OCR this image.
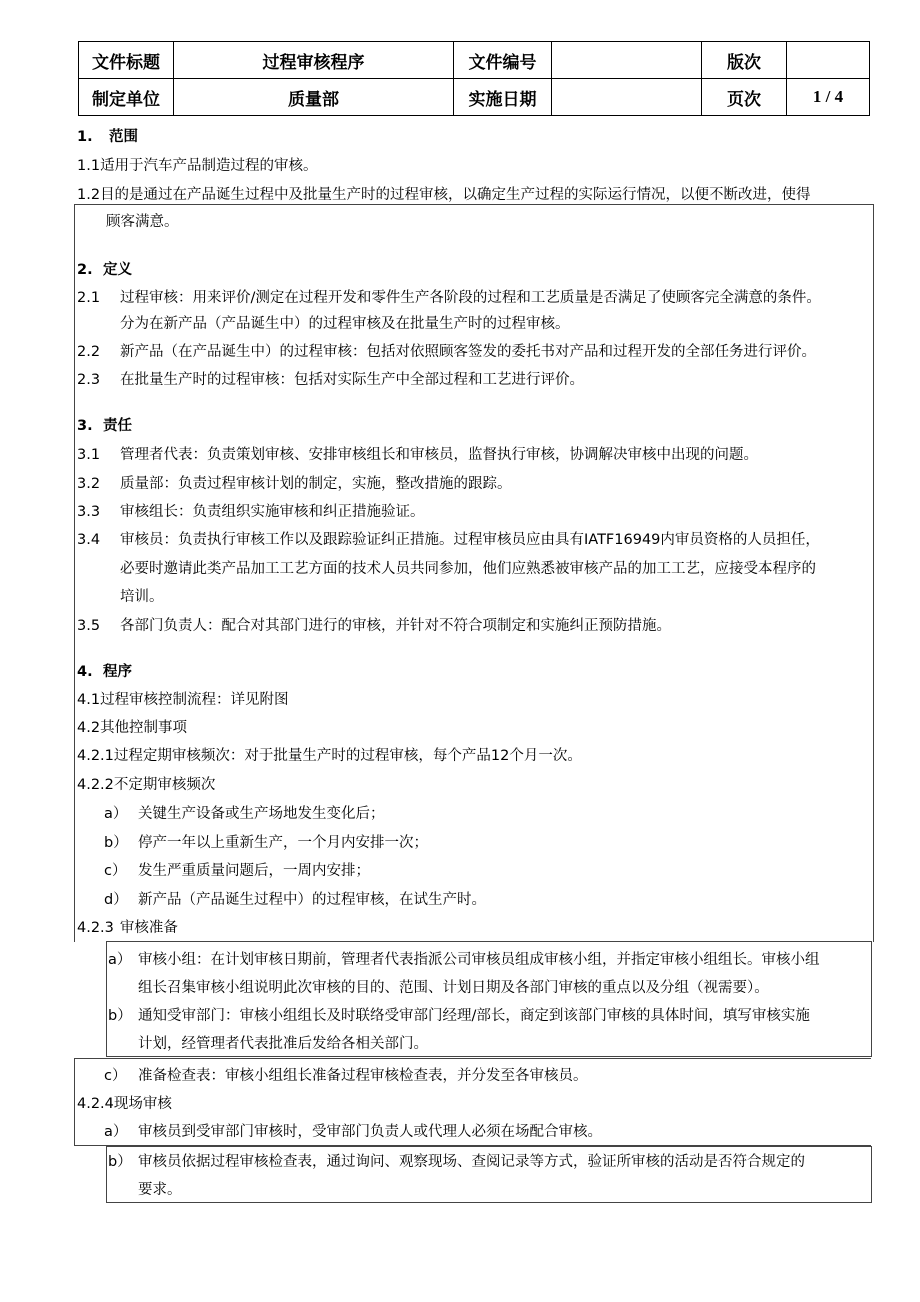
文件标题	过程审核程序	文件编号		版次	
制定单位	质量部	实施日期		页次	1 / 4
1. 范围
1.1适用于汽车产品制造过程的审核。
1.2目的是通过在产品诞生过程中及批量生产时的过程审核，以确定生产过程的实际运行情况，以便不断改进，使得
顾客满意。
2. 定义
2.1 过程审核：用来评价/测定在过程开发和零件生产各阶段的过程和工艺质量是否满足了使顾客完全满意的条件。
分为在新产品（产品诞生中）的过程审核及在批量生产时的过程审核。
2.2 新产品（在产品诞生中）的过程审核：包括对依照顾客签发的委托书对产品和过程开发的全部任务进行评价。
2.3 在批量生产时的过程审核：包括对实际生产中全部过程和工艺进行评价。
3. 责任
3.1 管理者代表：负责策划审核、安排审核组长和审核员，监督执行审核，协调解决审核中出现的问题。
3.2 质量部：负责过程审核计划的制定，实施，整改措施的跟踪。
3.3 审核组长：负责组织实施审核和纠正措施验证。
3.4 审核员：负责执行审核工作以及跟踪验证纠正措施。过程审核员应由具有IATF16949内审员资格的人员担任，
必要时邀请此类产品加工工艺方面的技术人员共同参加，他们应熟悉被审核产品的加工工艺，应接受本程序的
培训。
3.5 各部门负责人：配合对其部门进行的审核，并针对不符合项制定和实施纠正预防措施。
4. 程序
4.1过程审核控制流程：详见附图
4.2其他控制事项
4.2.1过程定期审核频次：对于批量生产时的过程审核，每个产品12个月一次。
4.2.2不定期审核频次
a） 关键生产设备或生产场地发生变化后；
b） 停产一年以上重新生产，一个月内安排一次；
c） 发生严重质量问题后，一周内安排；
d） 新产品（产品诞生过程中）的过程审核，在试生产时。
4.2.3 审核准备
a） 审核小组：在计划审核日期前，管理者代表指派公司审核员组成审核小组，并指定审核小组组长。审核小组
组长召集审核小组说明此次审核的目的、范围、计划日期及各部门审核的重点以及分组（视需要）。
b） 通知受审部门：审核小组组长及时联络受审部门经理/部长，商定到该部门审核的具体时间，填写审核实施
计划，经管理者代表批准后发给各相关部门。
c） 准备检查表：审核小组组长准备过程审核检查表，并分发至各审核员。
4.2.4现场审核
a） 审核员到受审部门审核时，受审部门负责人或代理人必须在场配合审核。
b） 审核员依据过程审核检查表，通过询问、观察现场、查阅记录等方式，验证所审核的活动是否符合规定的
要求。
